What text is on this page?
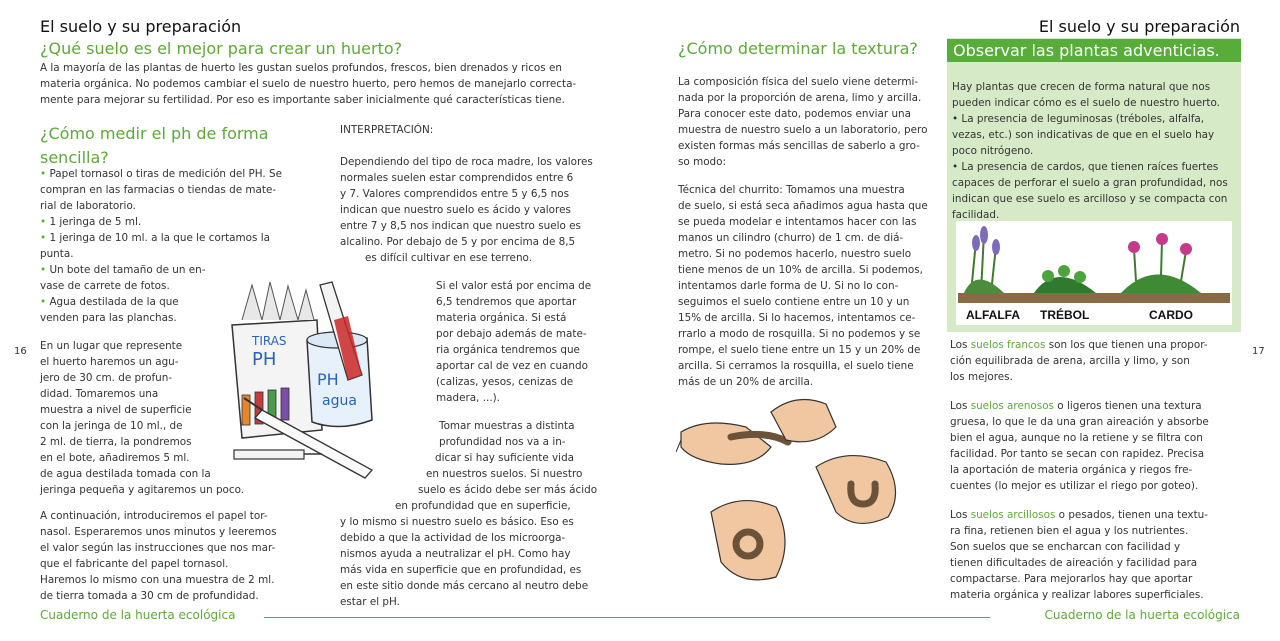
El suelo y su preparación
¿Qué suelo es el mejor para crear un huerto?
A la mayoría de las plantas de huerto les gustan suelos profundos, frescos, bien drenados y ricos en
materia orgánica. No podemos cambiar el suelo de nuestro huerto, pero hemos de manejarlo correcta-
mente para mejorar su fertilidad. Por eso es importante saber inicialmente qué características tiene.
¿Cómo medir el ph de forma
sencilla?
• Papel tornasol o tiras de medición del PH. Se
compran en las farmacias o tiendas de mate-
rial de laboratorio.
• 1 jeringa de 5 ml.
• 1 jeringa de 10 ml. a la que le cortamos la
punta.
• Un bote del tamaño de un en-
vase de carrete de fotos.
• Agua destilada de la que
venden para las planchas.
En un lugar que represente
el huerto haremos un agu-
jero de 30 cm. de profun-
didad. Tomaremos una
muestra a nivel de superficie
con la jeringa de 10 ml., de
2 ml. de tierra, la pondremos
en el bote, añadiremos 5 ml.
de agua destilada tomada con la
jeringa pequeña y agitaremos un poco.
A continuación, introduciremos el papel tor-
nasol. Esperaremos unos minutos y leeremos
el valor según las instrucciones que nos mar-
que el fabricante del papel tornasol.
Haremos lo mismo con una muestra de 2 ml.
de tierra tomada a 30 cm de profundidad.
16
INTERPRETACIÓN:
Dependiendo del tipo de roca madre, los valores
normales suelen estar comprendidos entre 6
y 7. Valores comprendidos entre 5 y 6,5 nos
indican que nuestro suelo es ácido y valores
entre 7 y 8,5 nos indican que nuestro suelo es
alcalino. Por debajo de 5 y por encima de 8,5
es difícil cultivar en ese terreno.
Si el valor está por encima de
6,5 tendremos que aportar
materia orgánica. Si está
por debajo además de mate-
ria orgánica tendremos que
aportar cal de vez en cuando
(calizas, yesos, cenizas de
madera, ...).
Tomar muestras a distinta
profundidad nos va a in-
dicar si hay suficiente vida
en nuestros suelos. Si nuestro
suelo es ácido debe ser más ácido
en profundidad que en superficie,
y lo mismo si nuestro suelo es básico. Eso es
debido a que la actividad de los microorga-
nismos ayuda a neutralizar el pH. Como hay
más vida en superficie que en profundidad, es
en este sitio donde más cercano al neutro debe
estar el pH.
TIRAS
PH
PH
agua
Cuaderno de la huerta ecológica
El suelo y su preparación
¿Cómo determinar la textura?
La composición física del suelo viene determi-
nada por la proporción de arena, limo y arcilla.
Para conocer este dato, podemos enviar una
muestra de nuestro suelo a un laboratorio, pero
existen formas más sencillas de saberlo a gro-
so modo:
Técnica del churrito: Tomamos una muestra
de suelo, si está seca añadimos agua hasta que
se pueda modelar e intentamos hacer con las
manos un cilindro (churro) de 1 cm. de diá-
metro. Si no podemos hacerlo, nuestro suelo
tiene menos de un 10% de arcilla. Si podemos,
intentamos darle forma de U. Si no lo con-
seguimos el suelo contiene entre un 10 y un
15% de arcilla. Si lo hacemos, intentamos ce-
rrarlo a modo de rosquilla. Si no podemos y se
rompe, el suelo tiene entre un 15 y un 20% de
arcilla. Si cerramos la rosquilla, el suelo tiene
más de un 20% de arcilla.
Observar las plantas adventicias.
Hay plantas que crecen de forma natural que nos
pueden indicar cómo es el suelo de nuestro huerto.
• La presencia de leguminosas (tréboles, alfalfa,
vezas, etc.) son indicativas de que en el suelo hay
poco nitrógeno.
• La presencia de cardos, que tienen raíces fuertes
capaces de perforar el suelo a gran profundidad, nos
indican que ese suelo es arcilloso y se compacta con
facilidad.
ALFALFA TRÉBOL	CARDO
Los suelos francos son los que tienen una propor-
ción equilibrada de arena, arcilla y limo, y son
los mejores.
Los suelos arenosos o ligeros tienen una textura
gruesa, lo que le da una gran aireación y absorbe
bien el agua, aunque no la retiene y se filtra con
facilidad. Por tanto se secan con rapidez. Precisa
la aportación de materia orgánica y riegos fre-
cuentes (lo mejor es utilizar el riego por goteo).
Los suelos arcillosos o pesados, tienen una textu-
ra fina, retienen bien el agua y los nutrientes.
Son suelos que se encharcan con facilidad y
tienen dificultades de aireación y facilidad para
compactarse. Para mejorarlos hay que aportar
materia orgánica y realizar labores superficiales.
17
Cuaderno de la huerta ecológica
